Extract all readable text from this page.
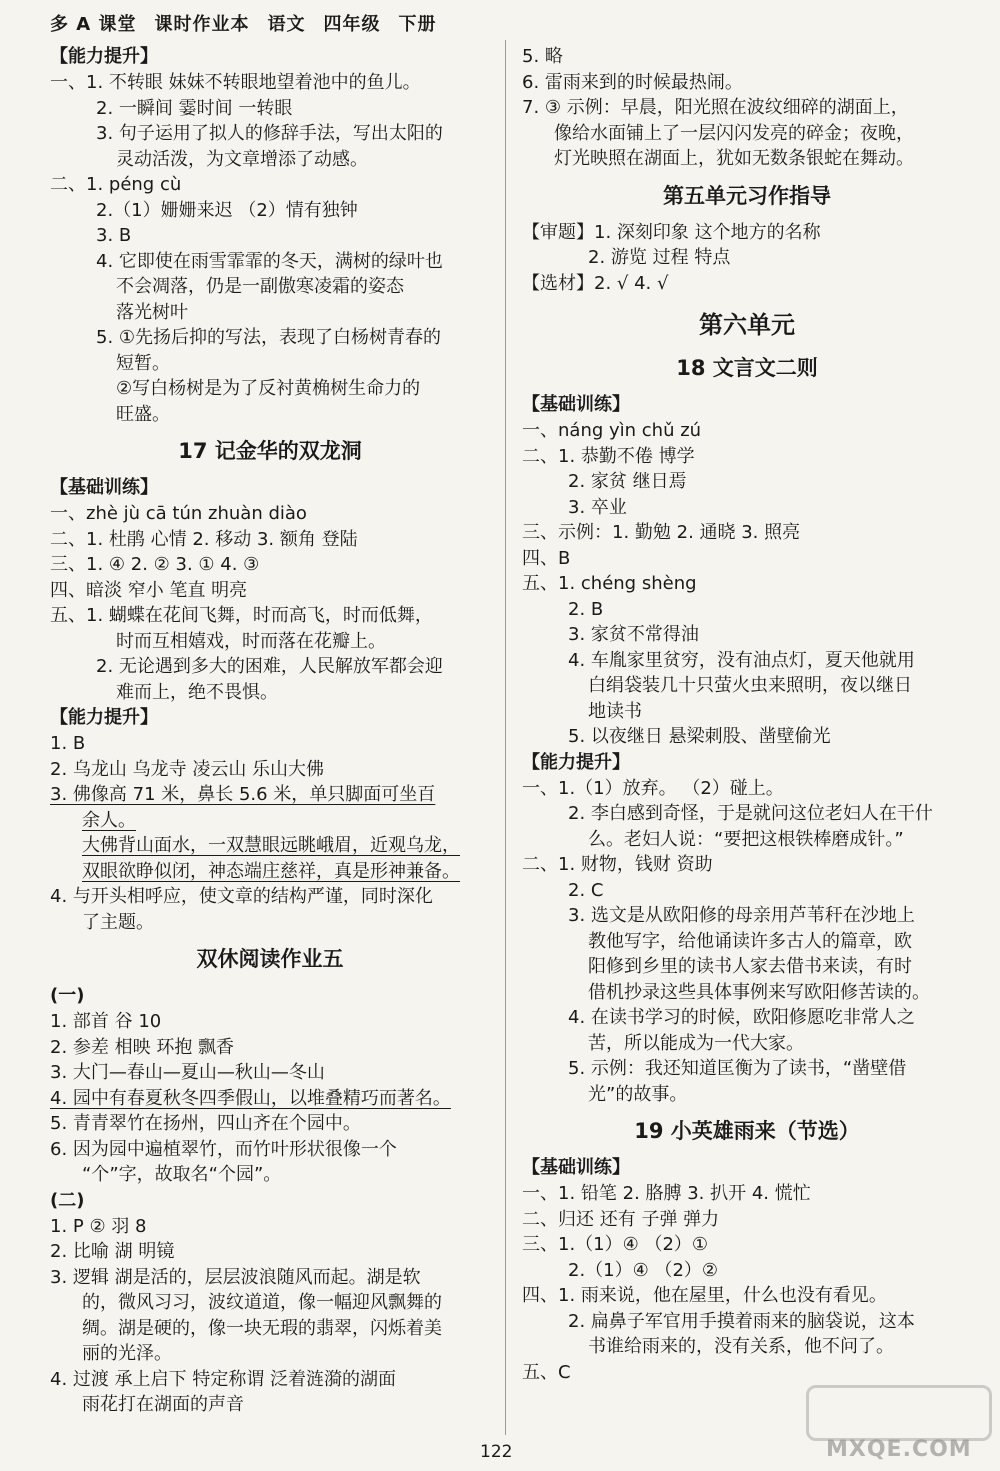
多 A 课堂 课时作业本 语文 四年级 下册
【能力提升】
一、1. 不转眼 妹妹不转眼地望着池中的鱼儿。
2. 一瞬间 霎时间 一转眼
3. 句子运用了拟人的修辞手法，写出太阳的
灵动活泼，为文章增添了动感。
二、1. péng cù
2.（1）姗姗来迟 （2）情有独钟
3. B
4. 它即使在雨雪霏霏的冬天，满树的绿叶也
不会凋落，仍是一副傲寒凌霜的姿态
落光树叶
5. ①先扬后抑的写法，表现了白杨树青春的
短暂。
②写白杨树是为了反衬黄桷树生命力的
旺盛。
17 记金华的双龙洞
【基础训练】
一、zhè jù cā tún zhuàn diào
二、1. 杜鹃 心情 2. 移动 3. 额角 登陆
三、1. ④ 2. ② 3. ① 4. ③
四、暗淡 窄小 笔直 明亮
五、1. 蝴蝶在花间飞舞，时而高飞，时而低舞，
时而互相嬉戏，时而落在花瓣上。
2. 无论遇到多大的困难，人民解放军都会迎
难而上，绝不畏惧。
【能力提升】
1. B
2. 乌龙山 乌龙寺 凌云山 乐山大佛
3. 佛像高 71 米，鼻长 5.6 米，单只脚面可坐百
余人。
大佛背山面水，一双慧眼远眺峨眉，近观乌龙，
双眼欲睁似闭，神态端庄慈祥，真是形神兼备。
4. 与开头相呼应，使文章的结构严谨，同时深化
了主题。
双休阅读作业五
(一)
1. 部首 谷 10
2. 参差 相映 环抱 飘香
3. 大门—春山—夏山—秋山—冬山
4. 园中有春夏秋冬四季假山，以堆叠精巧而著名。
5. 青青翠竹在扬州，四山齐在个园中。
6. 因为园中遍植翠竹，而竹叶形状很像一个
“个”字，故取名“个园”。
(二)
1. P ② 羽 8
2. 比喻 湖 明镜
3. 逻辑 湖是活的，层层波浪随风而起。湖是软
的，微风习习，波纹道道，像一幅迎风飘舞的
绸。湖是硬的，像一块无瑕的翡翠，闪烁着美
丽的光泽。
4. 过渡 承上启下 特定称谓 泛着涟漪的湖面
雨花打在湖面的声音
5. 略
6. 雷雨来到的时候最热闹。
7. ③ 示例：早晨，阳光照在波纹细碎的湖面上，
像给水面铺上了一层闪闪发亮的碎金；夜晚，
灯光映照在湖面上，犹如无数条银蛇在舞动。
第五单元习作指导
【审题】1. 深刻印象 这个地方的名称
2. 游览 过程 特点
【选材】2. √ 4. √
第六单元
18 文言文二则
【基础训练】
一、náng yìn chǔ zú
二、1. 恭勤不倦 博学
2. 家贫 继日焉
3. 卒业
三、示例：1. 勤勉 2. 通晓 3. 照亮
四、B
五、1. chéng shèng
2. B
3. 家贫不常得油
4. 车胤家里贫穷，没有油点灯，夏天他就用
白绢袋装几十只萤火虫来照明，夜以继日
地读书
5. 以夜继日 悬梁刺股、凿壁偷光
【能力提升】
一、1.（1）放弃。 （2）碰上。
2. 李白感到奇怪，于是就问这位老妇人在干什
么。老妇人说：“要把这根铁棒磨成针。”
二、1. 财物，钱财 资助
2. C
3. 选文是从欧阳修的母亲用芦苇秆在沙地上
教他写字，给他诵读许多古人的篇章，欧
阳修到乡里的读书人家去借书来读，有时
借机抄录这些具体事例来写欧阳修苦读的。
4. 在读书学习的时候，欧阳修愿吃非常人之
苦，所以能成为一代大家。
5. 示例：我还知道匡衡为了读书，“凿壁借
光”的故事。
19 小英雄雨来（节选）
【基础训练】
一、1. 铅笔 2. 胳膊 3. 扒开 4. 慌忙
二、归还 还有 子弹 弹力
三、1.（1）④ （2）①
2.（1）④ （2）②
四、1. 雨来说，他在屋里，什么也没有看见。
2. 扁鼻子军官用手摸着雨来的脑袋说，这本
书谁给雨来的，没有关系，他不问了。
五、C
122	MXQE.COM
